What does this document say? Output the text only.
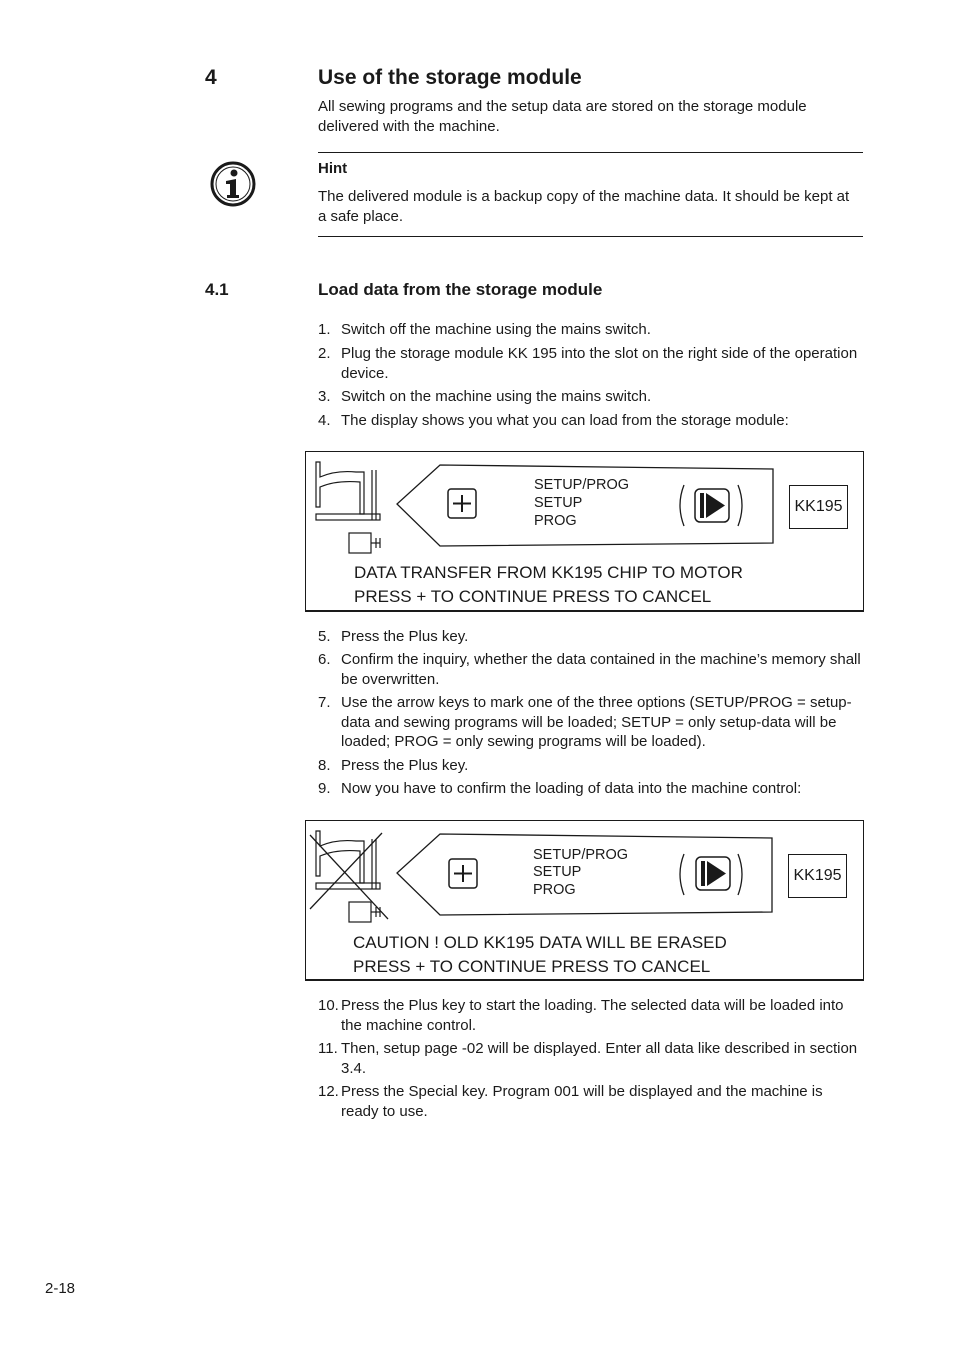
4	Use of the storage module
All sewing programs and the setup data are stored on the storage module delivered with the machine.
Hint
The delivered module is a backup copy of the machine data. It should be kept at a safe place.
4.1	Load data from the storage module
1. Switch off the machine using the mains switch.
2. Plug the storage module KK 195 into the slot on the right side of the operation device.
3. Switch on the machine using the mains switch.
4. The display shows you what you can load from the storage module:
SETUP/PROG
SETUP
PROG
KK195
DATA TRANSFER FROM KK195 CHIP TO MOTOR
PRESS + TO CONTINUE PRESS TO CANCEL
5. Press the Plus key.
6. Confirm the inquiry, whether the data contained in the machine’s memory shall be overwritten.
7. Use the arrow keys to mark one of the three options (SETUP/PROG = setup-data and sewing programs will be loaded; SETUP = only setup-data will be loaded; PROG = only sewing programs will be loaded).
8. Press the Plus key.
9. Now you have to confirm the loading of data into the machine control:
SETUP/PROG
SETUP
PROG
KK195
CAUTION ! OLD KK195 DATA WILL BE ERASED
PRESS + TO CONTINUE PRESS TO CANCEL
10. Press the Plus key to start the loading. The selected data will be loaded into the machine control.
11. Then, setup page -02 will be displayed. Enter all data like described in section 3.4.
12. Press the Special key. Program 001 will be displayed and the machine is ready to use.
2-18
